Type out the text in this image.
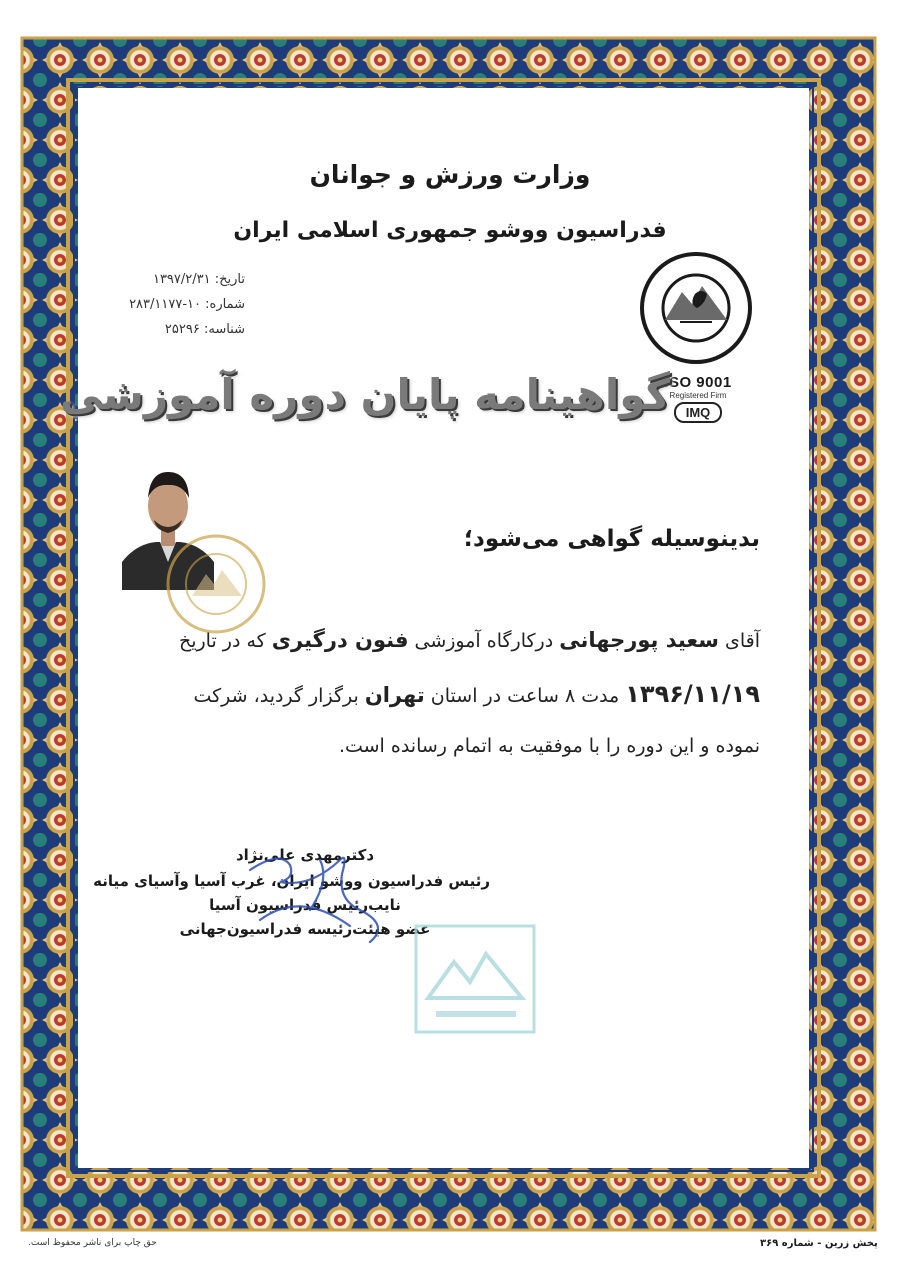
وزارت ورزش و جوانان
فدراسیون ووشو جمهوری اسلامی ایران
تاریخ: ۱۳۹۷/۲/۳۱
شماره: ۱۰-۲۸۳/۱۱۷۷
شناسه: ۲۵۲۹۶
ISO 9001
Registered Firm
IMQ
گواهینامه پایان دوره آموزشی
بدینوسیله گواهی می‌شود؛
آقای سعید پورجهانی درکارگاه آموزشی فنون درگیری که در تاریخ
۱۳۹۶/۱۱/۱۹ مدت ۸ ساعت در استان تهران برگزار گردید، شرکت
نموده و این دوره را با موفقیت به اتمام رسانده است.
دکترمهدی علی‌نژاد
رئیس فدراسیون ووشو ایران، غرب آسیا وآسیای میانه
نایب‌رئیس فدراسیون آسیا
عضو هیئت‌رئیسه فدراسیون‌جهانی
پخش زرین - شماره ۳۶۹
حق چاپ برای ناشر محفوظ است.
